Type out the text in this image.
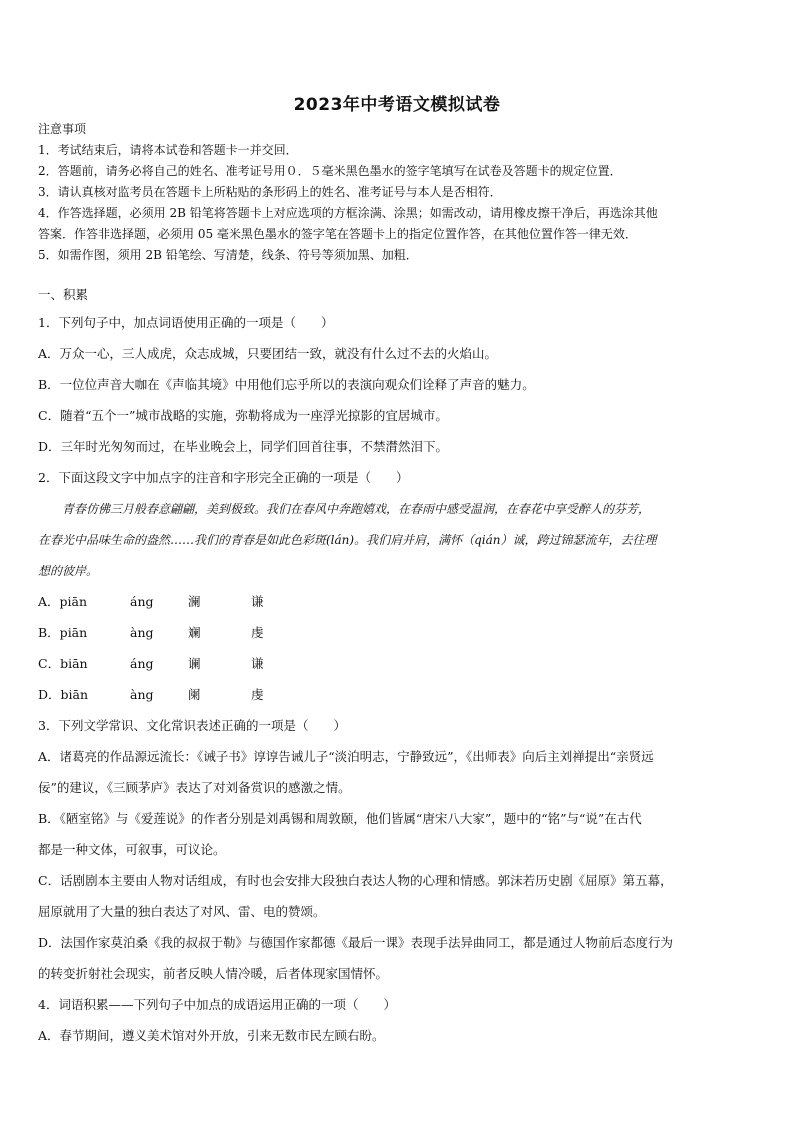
2023年中考语文模拟试卷
注意事项
1．考试结束后，请将本试卷和答题卡一并交回．
2．答题前，请务必将自己的姓名、准考证号用０．５毫米黑色墨水的签字笔填写在试卷及答题卡的规定位置．
3．请认真核对监考员在答题卡上所粘贴的条形码上的姓名、准考证号与本人是否相符．
4．作答选择题，必须用 2B 铅笔将答题卡上对应选项的方框涂满、涂黑；如需改动，请用橡皮擦干净后，再选涂其他
答案．作答非选择题，必须用 05 毫米黑色墨水的签字笔在答题卡上的指定位置作答，在其他位置作答一律无效．
5．如需作图，须用 2B 铅笔绘、写清楚，线条、符号等须加黑、加粗．
一、积累
1．下列句子中，加点词语使用正确的一项是（　　）
A．万众一心，三人成虎，众志成城，只要团结一致，就没有什么过不去的火焰山。
B．一位位声音大咖在《声临其境》中用他们忘乎所以的表演向观众们诠释了声音的魅力。
C．随着“五个一”城市战略的实施，弥勒将成为一座浮光掠影的宜居城市。
D．三年时光匆匆而过，在毕业晚会上，同学们回首往事，不禁潸然泪下。
2．下面这段文字中加点字的注音和字形完全正确的一项是（　　）
青春仿佛三月般春意翩翩，美到极致。我们在春风中奔跑嬉戏，在春雨中感受温润，在春花中享受醉人的芬芳，
在春光中品味生命的盎然……我们的青春是如此色彩斑(lán)。我们肩并肩，满怀（qián）诚，跨过锦瑟流年，去往理
想的彼岸。
A．piān	áng	澜	谦
B．piān	àng	斓	虔
C．biān	áng	谰	谦
D．biān	àng	阑	虔
3．下列文学常识、文化常识表述正确的一项是（　　）
A．诸葛亮的作品源远流长：《诫子书》谆谆告诫儿子“淡泊明志，宁静致远”，《出师表》向后主刘禅提出“亲贤远
佞”的建议，《三顾茅庐》表达了对刘备赏识的感激之情。
B．《陋室铭》与《爱莲说》的作者分别是刘禹锡和周敦颐，他们皆属“唐宋八大家”，题中的“铭”与“说”在古代
都是一种文体，可叙事，可议论。
C．话剧剧本主要由人物对话组成，有时也会安排大段独白表达人物的心理和情感。郭沫若历史剧《屈原》第五幕，
屈原就用了大量的独白表达了对风、雷、电的赞颂。
D．法国作家莫泊桑《我的叔叔于勒》与德国作家都德《最后一课》表现手法异曲同工，都是通过人物前后态度行为
的转变折射社会现实，前者反映人情冷暖，后者体现家国情怀。
4．词语积累——下列句子中加点的成语运用正确的一项（　　）
A．春节期间，遵义美术馆对外开放，引来无数市民左顾右盼。
